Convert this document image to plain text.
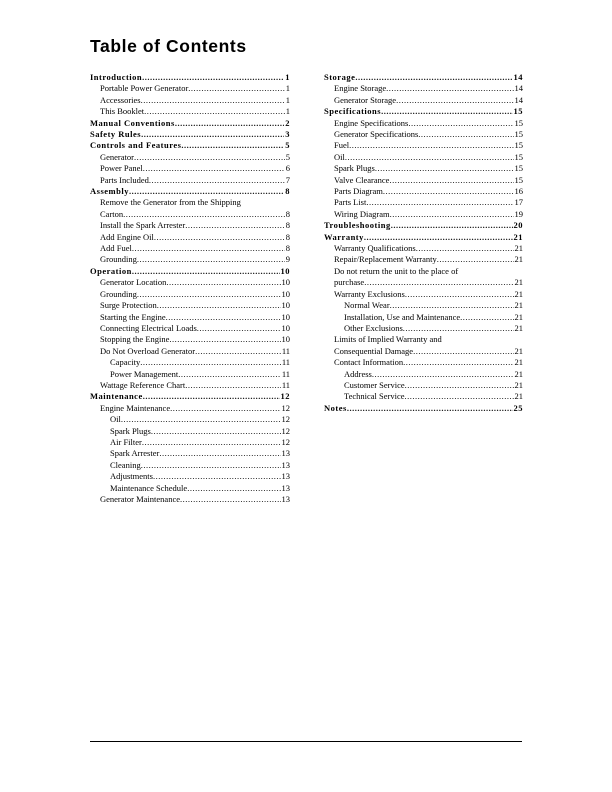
Table of Contents
Introduction .....	1
Portable Power Generator .....	1
Accessories .....	1
This Booklet .....	1
Manual Conventions .....	2
Safety Rules .....	3
Controls and Features .....	5
Generator .....	5
Power Panel .....	6
Parts Included .....	7
Assembly .....	8
Remove the Generator from the Shipping
Carton .....	8
Install the Spark Arrester .....	8
Add Engine Oil .....	8
Add Fuel .....	8
Grounding .....	9
Operation .....	10
Generator Location .....	10
Grounding .....	10
Surge Protection .....	10
Starting the Engine .....	10
Connecting Electrical Loads .....	10
Stopping the Engine .....	10
Do Not Overload Generator .....	11
Capacity .....	11
Power Management .....	11
Wattage Reference Chart .....	11
Maintenance .....	12
Engine Maintenance .....	12
Oil .....	12
Spark Plugs .....	12
Air Filter .....	12
Spark Arrester .....	13
Cleaning .....	13
Adjustments .....	13
Maintenance Schedule .....	13
Generator Maintenance .....	13
Storage .....	14
Engine Storage .....	14
Generator Storage .....	14
Specifications .....	15
Engine Specifications .....	15
Generator Specifications .....	15
Fuel .....	15
Oil .....	15
Spark Plugs .....	15
Valve Clearance .....	15
Parts Diagram .....	16
Parts List .....	17
Wiring Diagram .....	19
Troubleshooting .....	20
Warranty .....	21
Warranty Qualifications .....	21
Repair/Replacement Warranty .....	21
Do not return the unit to the place of
purchase .....	21
Warranty Exclusions .....	21
Normal Wear .....	21
Installation, Use and Maintenance .....	21
Other Exclusions .....	21
Limits of Implied Warranty and
Consequential Damage .....	21
Contact Information .....	21
Address .....	21
Customer Service .....	21
Technical Service .....	21
Notes .....	25
